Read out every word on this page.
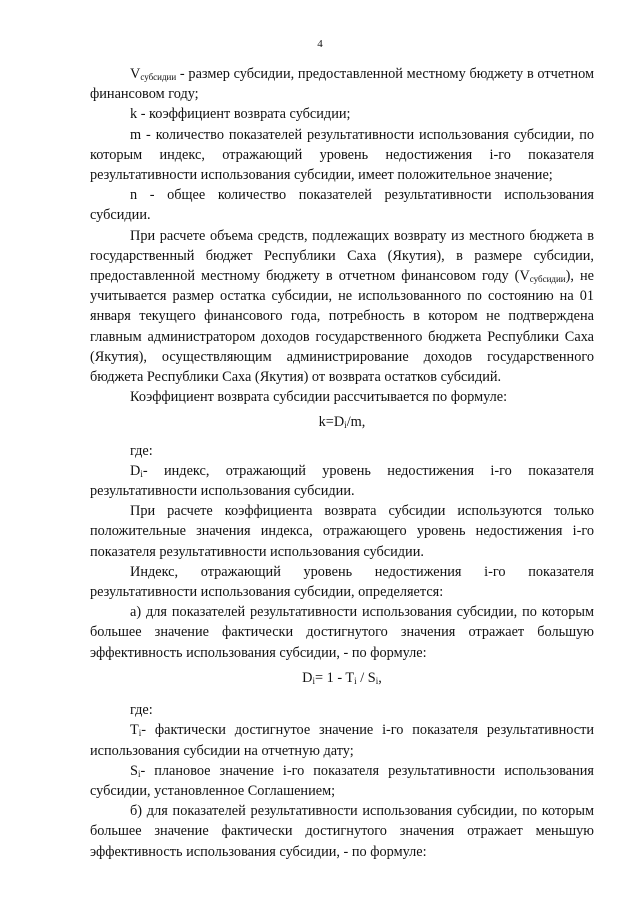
4

$V_{субсидии}$ - размер субсидии, предоставленной местному бюджету в отчетном финансовом году;

k - коэффициент возврата субсидии;

m - количество показателей результативности использования субсидии, по которым индекс, отражающий уровень недостижения i-го показателя результативности использования субсидии, имеет положительное значение;

n - общее количество показателей результативности использования субсидии.

При расчете объема средств, подлежащих возврату из местного бюджета в государственный бюджет Республики Саха (Якутия), в размере субсидии, предоставленной местному бюджету в отчетном финансовом году $(V_{субсидии})$, не учитывается размер остатка субсидии, не использованного по состоянию на 01 января текущего финансового года, потребность в котором не подтверждена главным администратором доходов государственного бюджета Республики Саха (Якутия), осуществляющим администрирование доходов государственного бюджета Республики Саха (Якутия) от возврата остатков субсидий.

Коэффициент возврата субсидии рассчитывается по формуле:

$k=D_i/m$,

где:

$D_i-$ индекс, отражающий уровень недостижения i-го показателя результативности использования субсидии.

При расчете коэффициента возврата субсидии используются только положительные значения индекса, отражающего уровень недостижения i-го показателя результативности использования субсидии.

Индекс, отражающий уровень недостижения i-го показателя результативности использования субсидии, определяется:

а) для показателей результативности использования субсидии, по которым большее значение фактически достигнутого значения отражает большую эффективность использования субсидии, - по формуле:

$D_i= 1 - T_i / S_i$,

где:

$T_i-$ фактически достигнутое значение i-го показателя результативности использования субсидии на отчетную дату;

$S_i-$ плановое значение i-го показателя результативности использования субсидии, установленное Соглашением;

б) для показателей результативности использования субсидии, по которым большее значение фактически достигнутого значения отражает меньшую эффективность использования субсидии, - по формуле:
